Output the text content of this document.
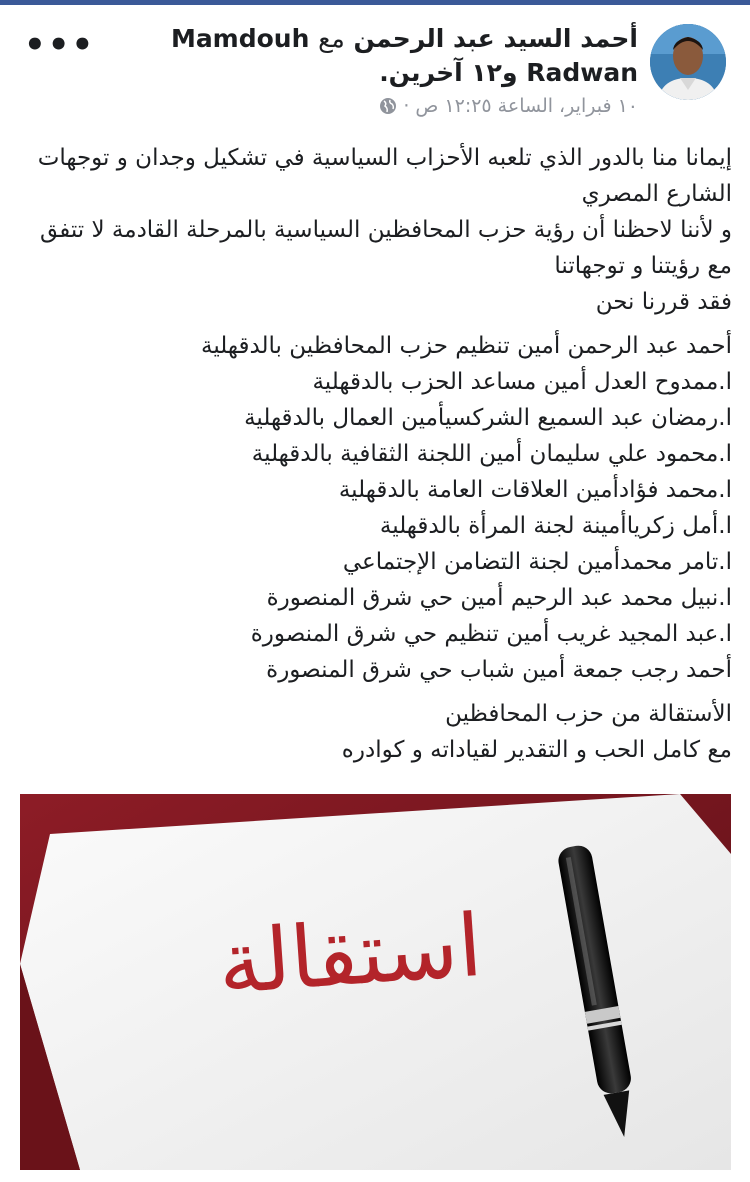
أحمد السيد عبد الرحمن مع Mamdouh Radwan و١٢ آخرين.
١٠ فبراير، الساعة ١٢:٢٥ ص ·
•••

إيمانا منا بالدور الذي تلعبه الأحزاب السياسية في تشكيل وجدان و توجهات الشارع المصري
و لأننا لاحظنا أن رؤية حزب المحافظين السياسية بالمرحلة القادمة لا تتفق مع رؤيتنا و توجهاتنا
فقد قررنا نحن

أحمد عبد الرحمن أمين تنظيم حزب المحافظين بالدقهلية
ا.ممدوح العدل أمين مساعد الحزب بالدقهلية
ا.رمضان عبد السميع الشركسيأمين العمال بالدقهلية
ا.محمود علي سليمان أمين اللجنة الثقافية بالدقهلية
ا.محمد فؤادأمين العلاقات العامة بالدقهلية
ا.أمل زكرياأمينة لجنة المرأة بالدقهلية
ا.تامر محمدأمين لجنة التضامن الإجتماعي
ا.نبيل محمد عبد الرحيم أمين حي شرق المنصورة
ا.عبد المجيد غريب أمين تنظيم حي شرق المنصورة
أحمد رجب جمعة أمين شباب حي شرق المنصورة

الأستقالة من حزب المحافظين
مع كامل الحب و التقدير لقياداته و كوادره

استقالة
